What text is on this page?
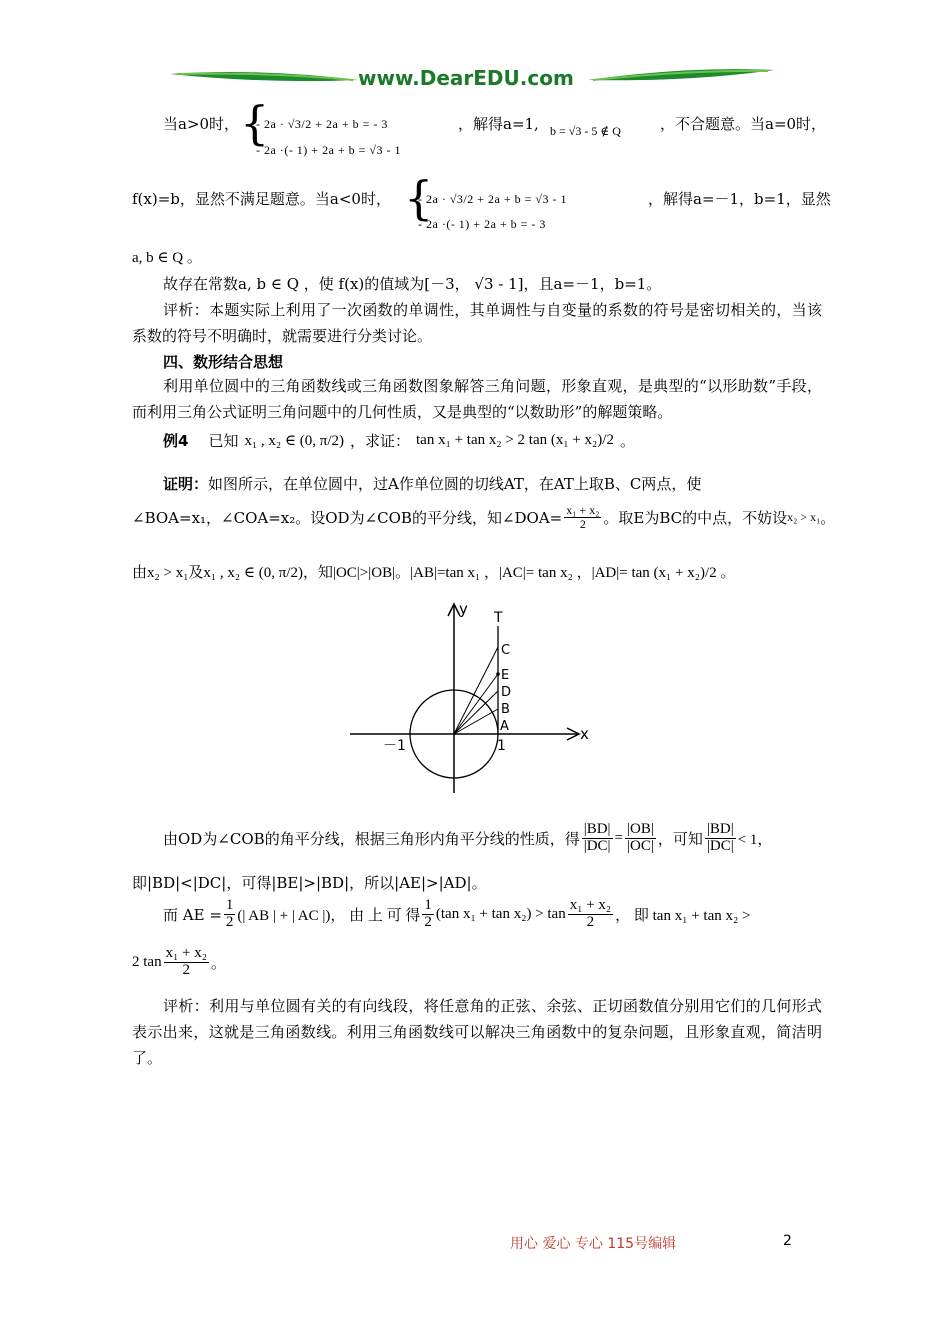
www.DearEDU.com
当a>0时， {
- 2a · √3/2 + 2a + b = - 3
- 2a ·(- 1) + 2a + b = √3 - 1
，解得a=1, b = √3 - 5 ∉ Q	，不合题意。当a=0时，
f(x)=b，显然不满足题意。当a<0时， {
- 2a · √3/2 + 2a + b = √3 - 1
- 2a ·(- 1) + 2a + b = - 3
，解得a=－1，b=1，显然
a, b ∈ Q 。
故存在常数a, b ∈ Q ，使 f(x)的值域为[－3， √3 - 1]，且a=－1，b=1。
评析：本题实际上利用了一次函数的单调性，其单调性与自变量的系数的符号是密切相关的，当该系数的符号不明确时，就需要进行分类讨论。
四、数形结合思想
利用单位圆中的三角函数线或三角函数图象解答三角问题，形象直观，是典型的“以形助数”手段，而利用三角公式证明三角问题中的几何性质，又是典型的“以数助形”的解题策略。
例4 已知 x₁ , x₂ ∈ (0, π/2) ，求证： tan x₁ + tan x₂ > 2 tan (x₁ + x₂)/2 。
证明：如图所示，在单位圆中，过A作单位圆的切线AT，在AT上取B、C两点，使
∠BOA=x₁，∠COA=x₂。设OD为∠COB的平分线，知∠DOA= $\frac{\text{x₁ + x₂}}{2}$ 。取E为BC的中点，不妨设 x₂ > x₁ 。
由x₂ > x₁及x₁ , x₂ ∈ (0, π/2)，知|OC|>|OB|。|AB|=tan x₁ ，|AC|= tan x₂ ，|AD|= tan (x₁ + x₂)/2 。
y
x
T
C
E
D
B
A
－1	1
由OD为∠COB的角平分线，根据三角形内角平分线的性质，得 $\frac{|BD|}{|DC|} = \frac{|OB|}{|OC|}$ ，可知 $\frac{|BD|}{|DC|} < 1$，
即|BD|<|DC|，可得|BE|>|BD|，所以|AE|>|AD|。
而 AE = $\frac{1}{2}$ (| AB | + | AC |)， 由 上 可 得 $\frac{1}{2} (\tan$ $x_1 + \tan x_2) > \tan \frac{\text{x₁ + x₂}}{2}$ ， 即 tan x₁ + tan x₂ >
2 $\tan \frac{\text{x₁ + x₂}}{2}$ 。
评析：利用与单位圆有关的有向线段，将任意角的正弦、余弦、正切函数值分别用它们的几何形式表示出来，这就是三角函数线。利用三角函数线可以解决三角函数中的复杂问题，且形象直观，简洁明了。
用心 爱心 专心 115号编辑	2
